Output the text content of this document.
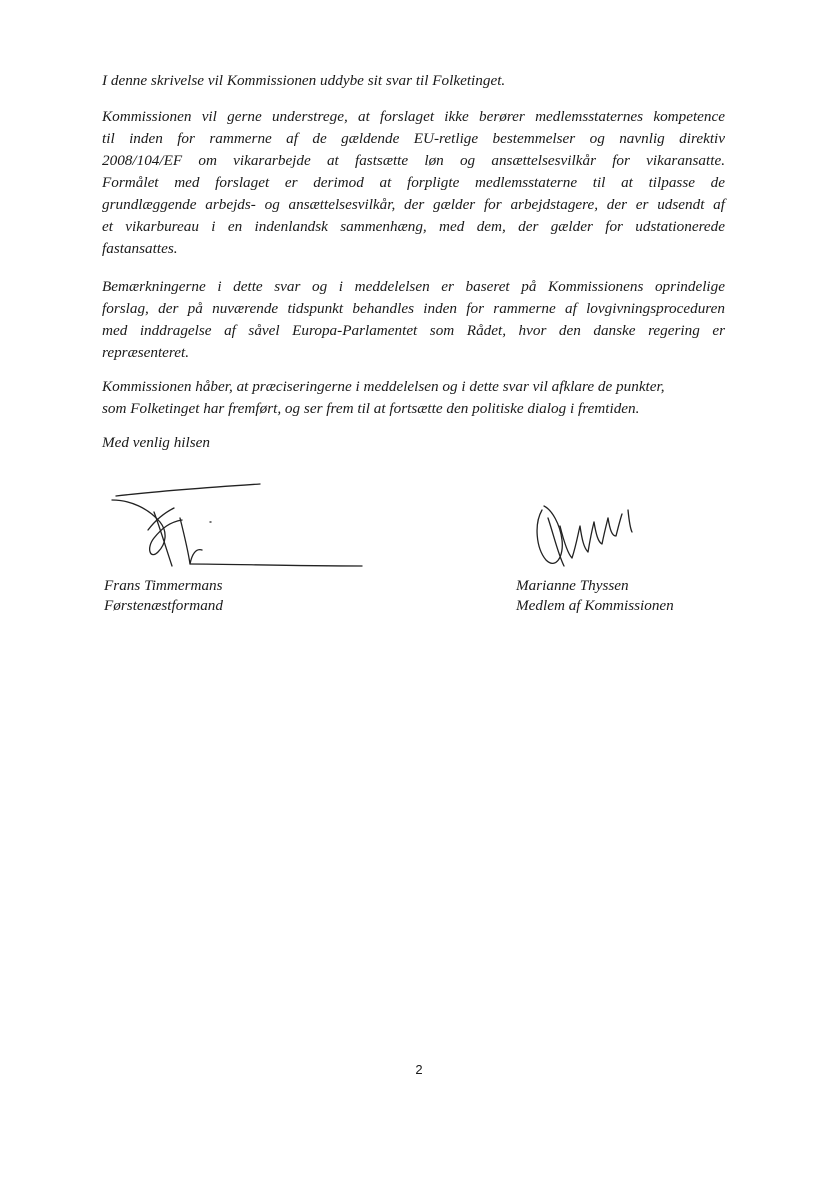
I denne skrivelse vil Kommissionen uddybe sit svar til Folketinget.

Kommissionen vil gerne understrege, at forslaget ikke berører medlemsstaternes kompetence
til inden for rammerne af de gældende EU-retlige bestemmelser og navnlig direktiv
2008/104/EF om vikararbejde at fastsætte løn og ansættelsesvilkår for vikaransatte.
Formålet med forslaget er derimod at forpligte medlemsstaterne til at tilpasse de
grundlæggende arbejds- og ansættelsesvilkår, der gælder for arbejdstagere, der er udsendt af
et vikarbureau i en indenlandsk sammenhæng, med dem, der gælder for udstationerede
fastansattes.
Bemærkningerne i dette svar og i meddelelsen er baseret på Kommissionens oprindelige
forslag, der på nuværende tidspunkt behandles inden for rammerne af lovgivningsproceduren
med inddragelse af såvel Europa-Parlamentet som Rådet, hvor den danske regering er
repræsenteret.
Kommissionen håber, at præciseringerne i meddelelsen og i dette svar vil afklare de punkter,
som Folketinget har fremført, og ser frem til at fortsætte den politiske dialog i fremtiden.

Med venlig hilsen

Frans Timmermans
Førstenæstformand
Marianne Thyssen
Medlem af Kommissionen
2
